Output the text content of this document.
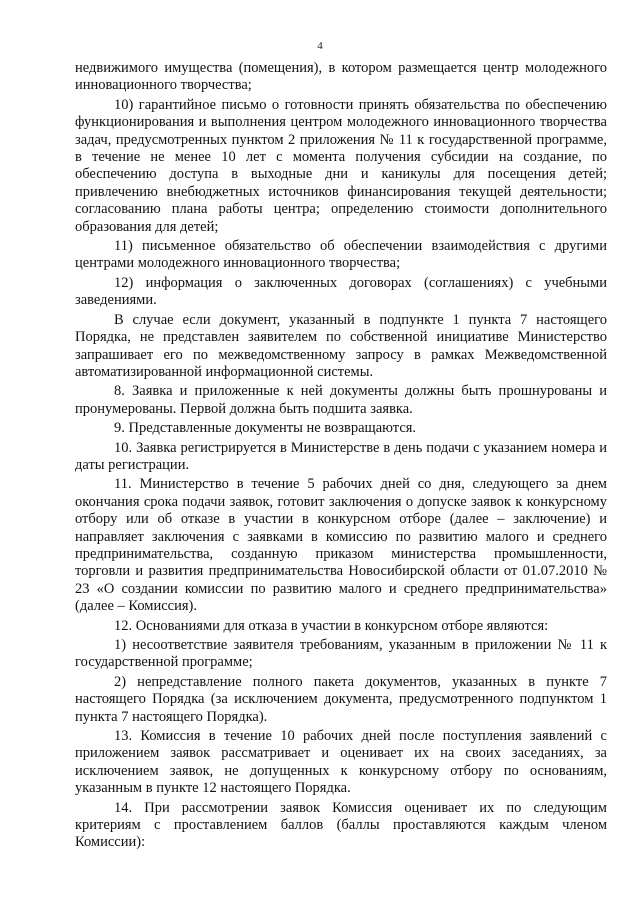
4

недвижимого имущества (помещения), в котором размещается центр молодежного инновационного творчества;

10) гарантийное письмо о готовности принять обязательства по обеспечению функционирования и выполнения центром молодежного инновационного творчества задач, предусмотренных пунктом 2 приложения № 11 к государственной программе, в течение не менее 10 лет с момента получения субсидии на создание, по обеспечению доступа в выходные дни и каникулы для посещения детей; привлечению внебюджетных источников финансирования текущей деятельности; согласованию плана работы центра; определению стоимости дополнительного образования для детей;

11) письменное обязательство об обеспечении взаимодействия с другими центрами молодежного инновационного творчества;

12) информация о заключенных договорах (соглашениях) с учебными заведениями.

В случае если документ, указанный в подпункте 1 пункта 7 настоящего Порядка, не представлен заявителем по собственной инициативе Министерство запрашивает его по межведомственному запросу в рамках Межведомственной автоматизированной информационной системы.

8. Заявка и приложенные к ней документы должны быть прошнурованы и пронумерованы. Первой должна быть подшита заявка.

9. Представленные документы не возвращаются.

10. Заявка регистрируется в Министерстве в день подачи с указанием номера и даты регистрации.

11. Министерство в течение 5 рабочих дней со дня, следующего за днем окончания срока подачи заявок, готовит заключения о допуске заявок к конкурсному отбору или об отказе в участии в конкурсном отборе (далее – заключение) и направляет заключения с заявками в комиссию по развитию малого и среднего предпринимательства, созданную приказом министерства промышленности, торговли и развития предпринимательства Новосибирской области от 01.07.2010 № 23 «О создании комиссии по развитию малого и среднего предпринимательства» (далее – Комиссия).

12. Основаниями для отказа в участии в конкурсном отборе являются:

1) несоответствие заявителя требованиям, указанным в приложении № 11 к государственной программе;

2) непредставление полного пакета документов, указанных в пункте 7 настоящего Порядка (за исключением документа, предусмотренного подпунктом 1 пункта 7 настоящего Порядка).

13. Комиссия в течение 10 рабочих дней после поступления заявлений с приложением заявок рассматривает и оценивает их на своих заседаниях, за исключением заявок, не допущенных к конкурсному отбору по основаниям, указанным в пункте 12 настоящего Порядка.

14. При рассмотрении заявок Комиссия оценивает их по следующим критериям с проставлением баллов (баллы проставляются каждым членом Комиссии):
